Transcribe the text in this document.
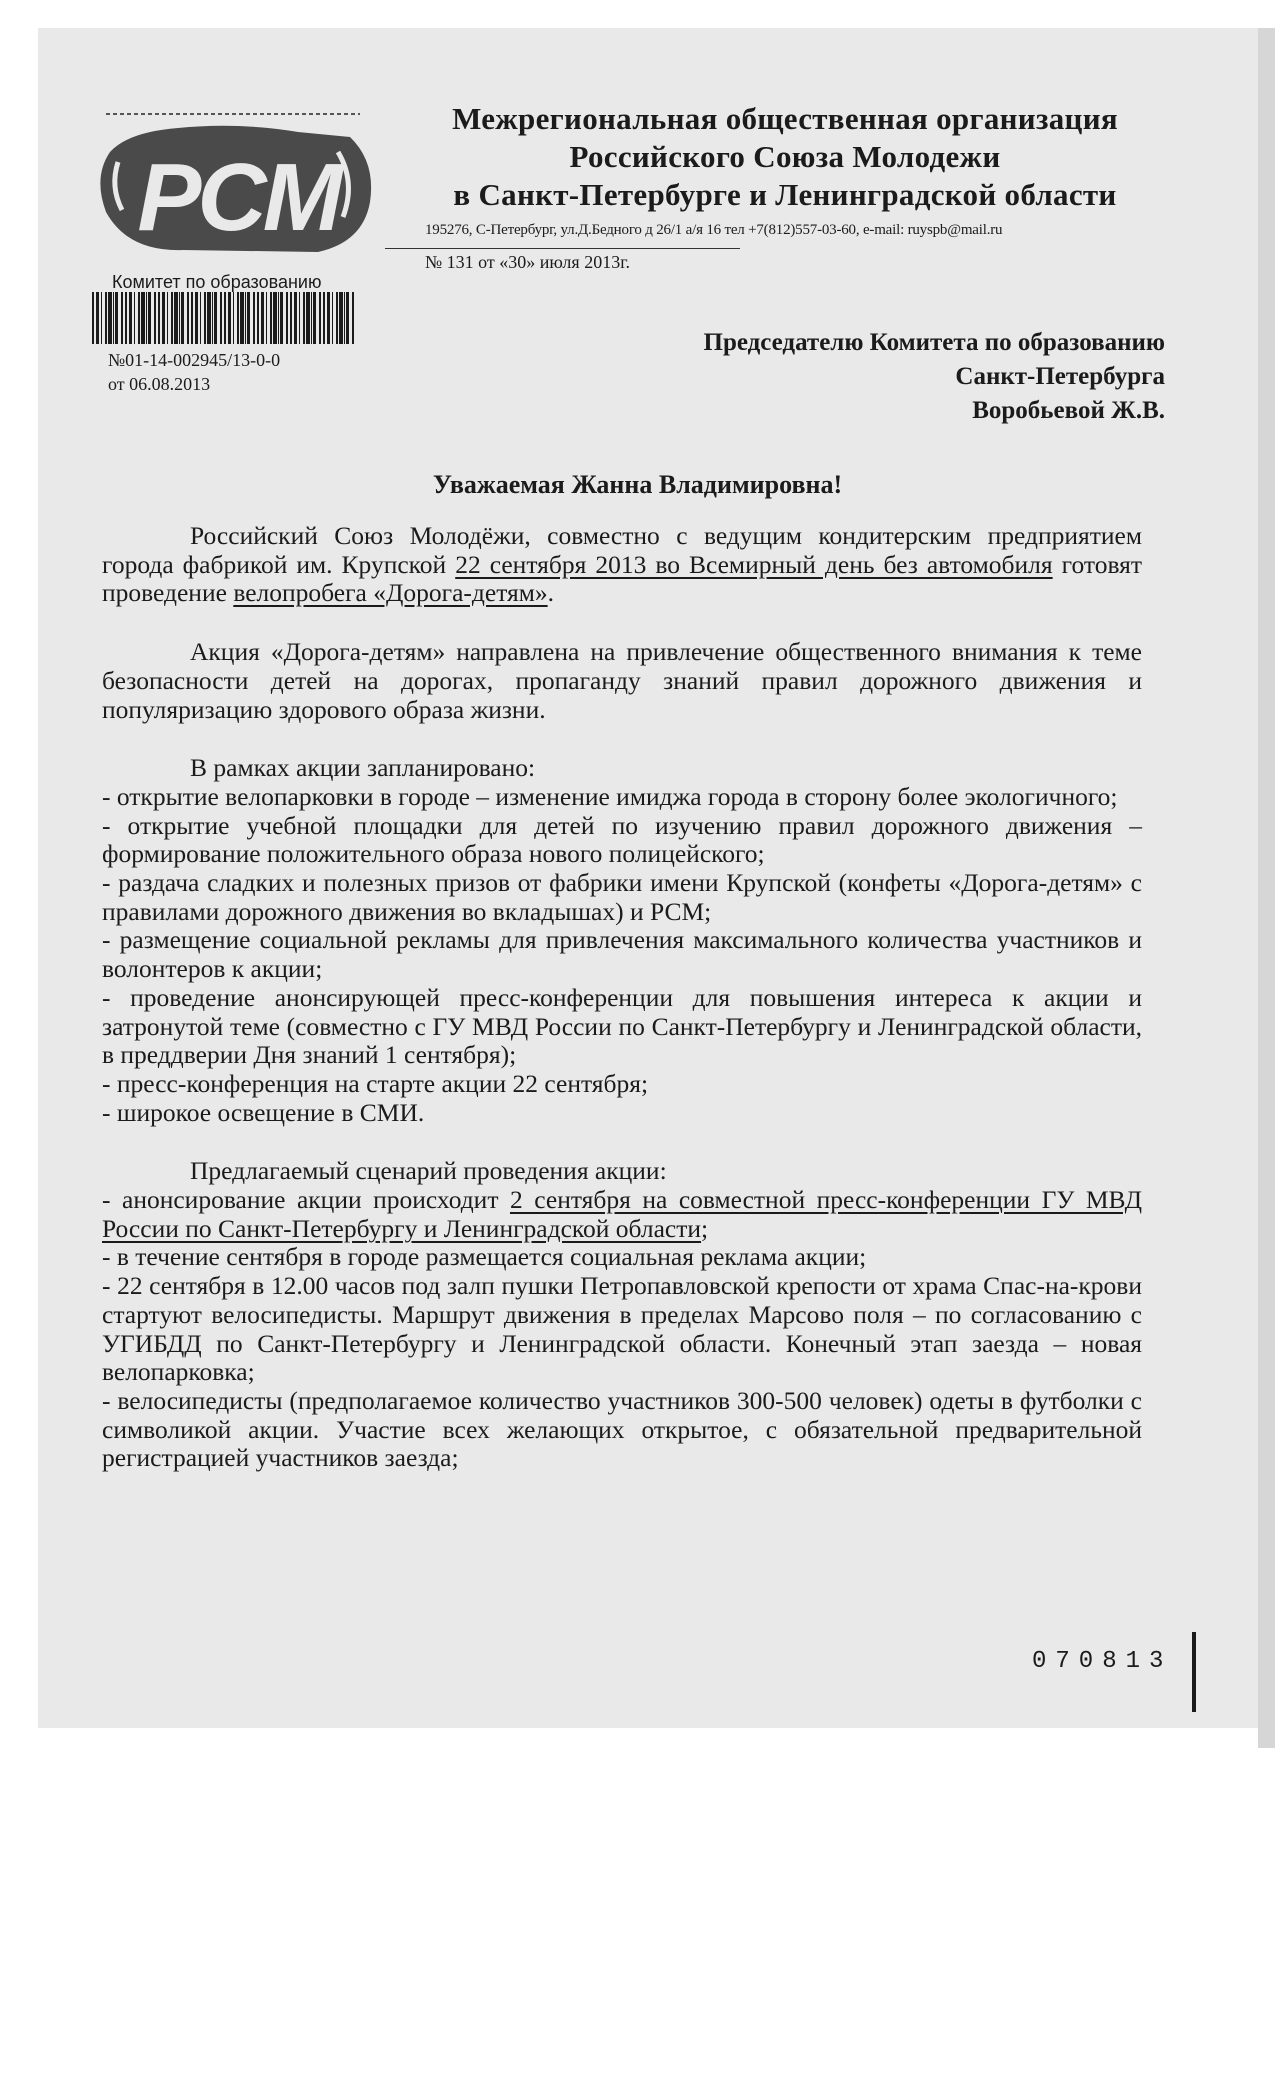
РСМ
Межрегиональная общественная организация
Российского Союза Молодежи
в Санкт-Петербурге и Ленинградской области
195276, С-Петербург, ул.Д.Бедного д 26/1 а/я 16 тел +7(812)557-03-60, e-mail: ruyspb@mail.ru
№ 131 от «30» июля 2013г.
Комитет по образованию
№01-14-002945/13-0-0
от 06.08.2013
Председателю Комитета по образованию
Санкт-Петербурга
Воробьевой Ж.В.
Уважаемая Жанна Владимировна!

Российский Союз Молодёжи, совместно с ведущим кондитерским предприятием города фабрикой им. Крупской 22 сентября 2013 во Всемирный день без автомобиля готовят проведение велопробега «Дорога-детям».

Акция «Дорога-детям» направлена на привлечение общественного внимания к теме безопасности детей на дорогах, пропаганду знаний правил дорожного движения и популяризацию здорового образа жизни.

В рамках акции запланировано:

- открытие велопарковки в городе – изменение имиджа города в сторону более экологичного;

- открытие учебной площадки для детей по изучению правил дорожного движения – формирование положительного образа нового полицейского;

- раздача сладких и полезных призов от фабрики имени Крупской (конфеты «Дорога-детям» с правилами дорожного движения во вкладышах) и РСМ;

- размещение социальной рекламы для привлечения максимального количества участников и волонтеров к акции;

- проведение анонсирующей пресс-конференции для повышения интереса к акции и затронутой теме (совместно с ГУ МВД России по Санкт-Петербургу и Ленинградской области, в преддверии Дня знаний 1 сентября);

- пресс-конференция на старте акции 22 сентября;

- широкое освещение в СМИ.

Предлагаемый сценарий проведения акции:

- анонсирование акции происходит 2 сентября на совместной пресс-конференции ГУ МВД России по Санкт-Петербургу и Ленинградской области;

- в течение сентября в городе размещается социальная реклама акции;

- 22 сентября в 12.00 часов под залп пушки Петропавловской крепости от храма Спас-на-крови стартуют велосипедисты. Маршрут движения в пределах Марсово поля – по согласованию с УГИБДД по Санкт-Петербургу и Ленинградской области. Конечный этап заезда – новая велопарковка;

- велосипедисты (предполагаемое количество участников 300-500 человек) одеты в футболки с символикой акции. Участие всех желающих открытое, с обязательной предварительной регистрацией участников заезда;

070813
